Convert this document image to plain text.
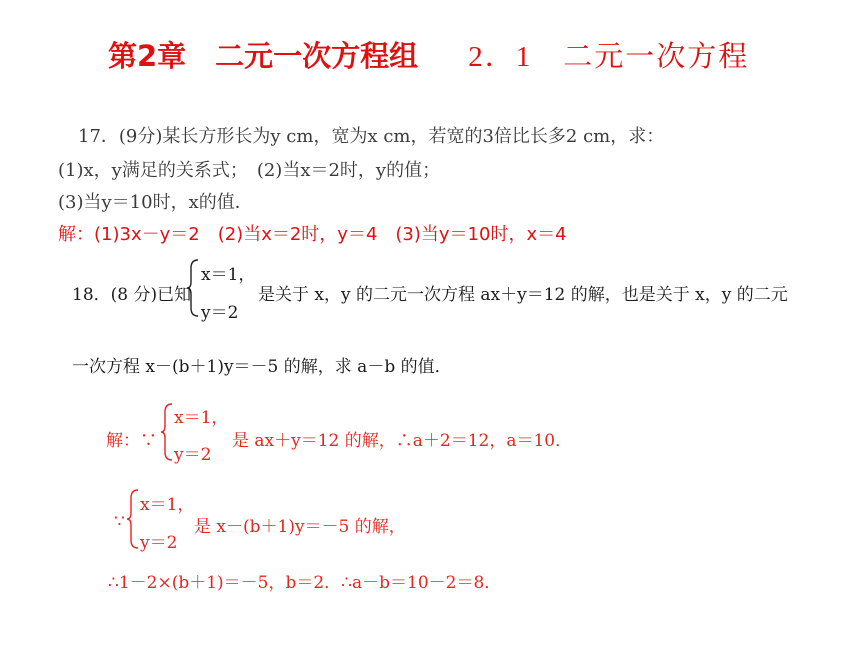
第2章　二元一次方程组 2．1　二元一次方程
17．(9分)某长方形长为y cm，宽为x cm，若宽的3倍比长多2 cm，求：
(1)x，y满足的关系式；　(2)当x＝2时，y的值；
(3)当y＝10时，x的值．
解：(1)3x－y＝2　(2)当x＝2时，y＝4　(3)当y＝10时，x＝4
18．(8 分)已知
x＝1，
y＝2
是关于 x，y 的二元一次方程 ax＋y＝12 的解，也是关于 x，y 的二元
一次方程 x－(b＋1)y＝－5 的解，求 a－b 的值．
解：∵
x＝1，
y＝2
是 ax＋y＝12 的解，∴a＋2＝12，a＝10．
∵
x＝1，
y＝2
是 x－(b＋1)y＝－5 的解，
∴1－2×(b＋1)＝－5，b＝2．∴a－b＝10－2＝8．
